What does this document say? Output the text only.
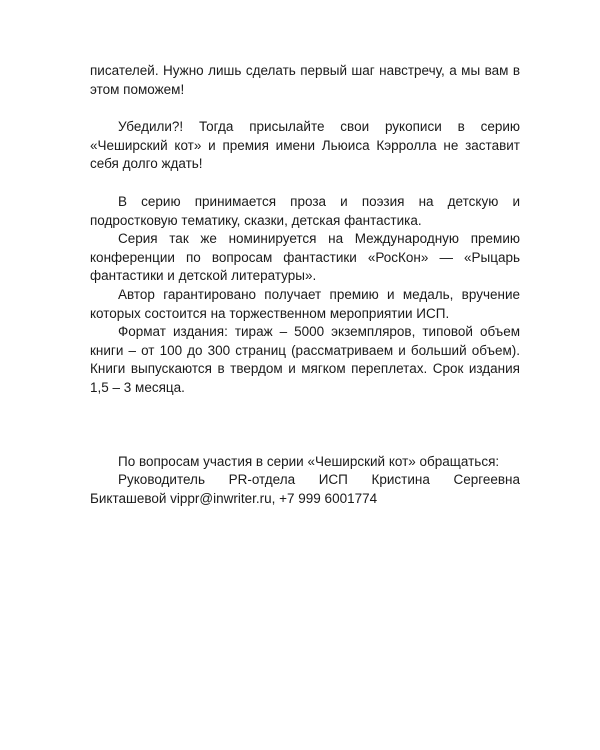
писателей. Нужно лишь сделать первый шаг навстречу, а мы вам в этом поможем!

Убедили?! Тогда присылайте свои рукописи в серию «Чеширский кот» и премия имени Льюиса Кэрролла не заставит себя долго ждать!

В серию принимается проза и поэзия на детскую и подростковую тематику, сказки, детская фантастика.

Серия так же номинируется на Международную премию конференции по вопросам фантастики «РосКон» — «Рыцарь фантастики и детской литературы».

Автор гарантировано получает премию и медаль, вручение которых состоится на торжественном мероприятии ИСП.

Формат издания: тираж – 5000 экземпляров, типовой объем книги – от 100 до 300 страниц (рассматриваем и больший объем). Книги выпускаются в твердом и мягком переплетах. Срок издания 1,5 – 3 месяца.

По вопросам участия в серии «Чеширский кот» обращаться:

Руководитель PR-отдела ИСП Кристина Сергеевна Бикташевой vippr@inwriter.ru, +7 999 6001774
